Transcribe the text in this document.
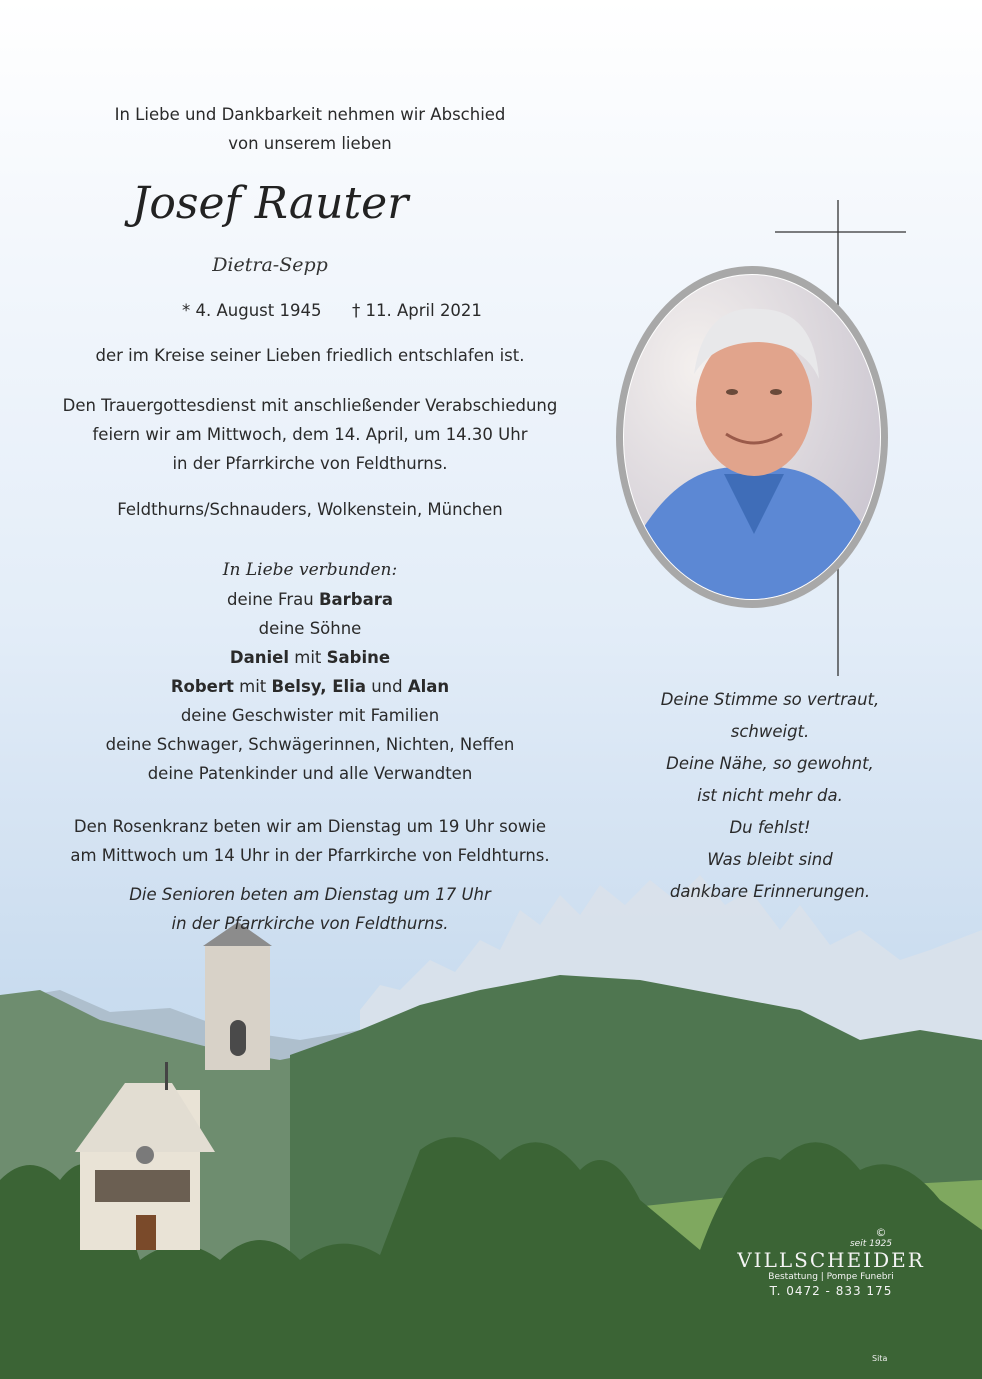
In Liebe und Dankbarkeit nehmen wir Abschied
von unserem lieben
Josef Rauter
Dietra-Sepp
* 4. August 1945 † 11. April 2021
der im Kreise seiner Lieben friedlich entschlafen ist.
Den Trauergottesdienst mit anschließender Verabschiedung
feiern wir am Mittwoch, dem 14. April, um 14.30 Uhr
in der Pfarrkirche von Feldthurns.
Feldthurns/Schnauders, Wolkenstein, München
In Liebe verbunden:
deine Frau Barbara
deine Söhne
Daniel mit Sabine
Robert mit Belsy, Elia und Alan
deine Geschwister mit Familien
deine Schwager, Schwägerinnen, Nichten, Neffen
deine Patenkinder und alle Verwandten
Den Rosenkranz beten wir am Dienstag um 19 Uhr sowie
am Mittwoch um 14 Uhr in der Pfarrkirche von Feldhturns.
Die Senioren beten am Dienstag um 17 Uhr
in der Pfarrkirche von Feldthurns.
Deine Stimme so vertraut,
schweigt.
Deine Nähe, so gewohnt,
ist nicht mehr da.
Du fehlst!
Was bleibt sind
dankbare Erinnerungen.
©
seit 1925
VILLSCHEIDER
Bestattung | Pompe Funebri
T. 0472 - 833 175
Sita
